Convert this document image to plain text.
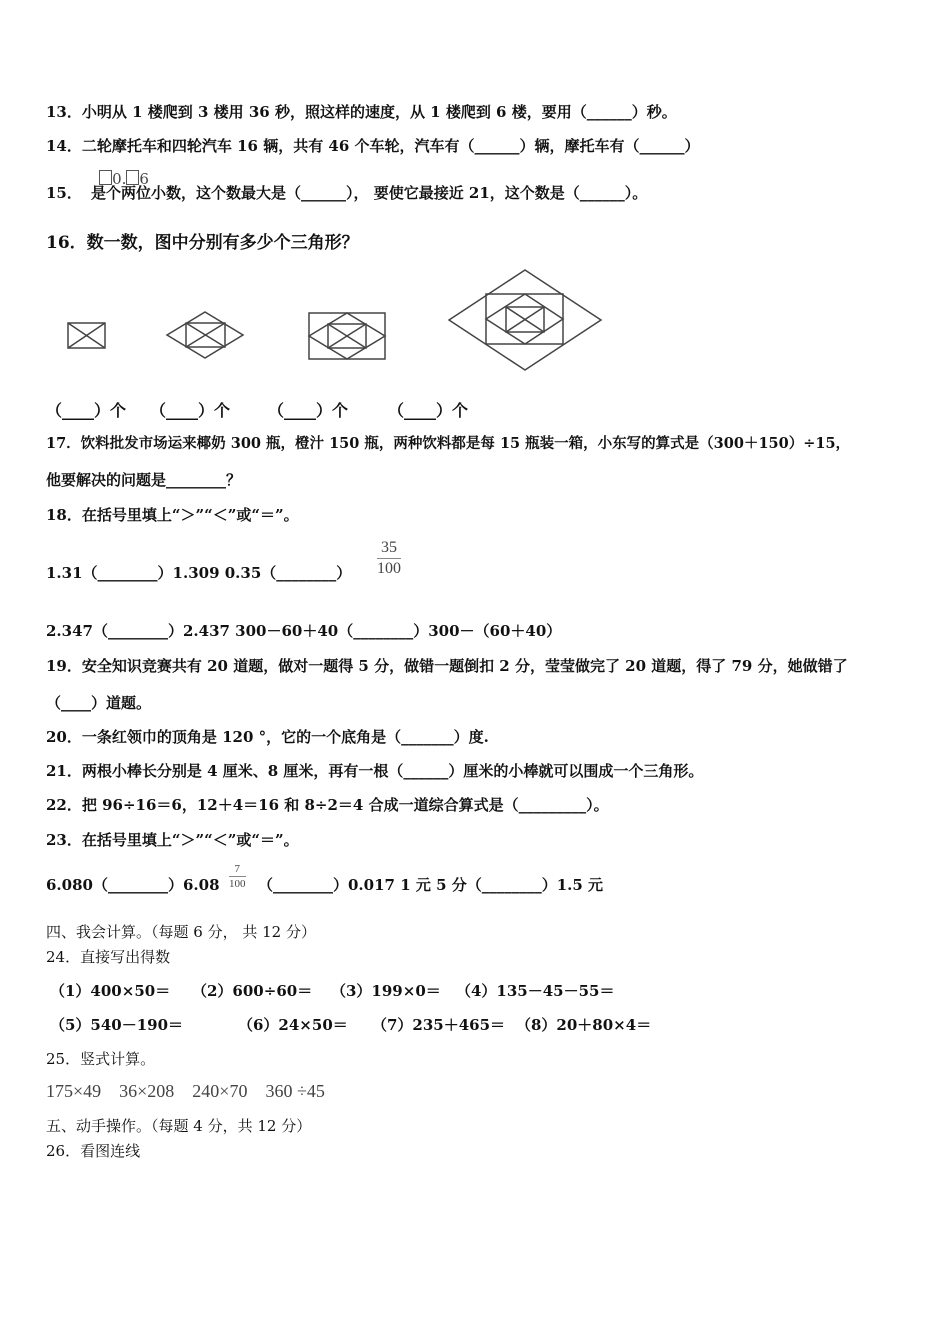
13．小明从 1 楼爬到 3 楼用 36 秒，照这样的速度，从 1 楼爬到 6 楼，要用（______）秒。
14．二轮摩托车和四轮汽车 16 辆，共有 46 个车轮，汽车有（______）辆，摩托车有（______）
15． 0. 6是个两位小数，这个数最大是（______）， 要使它最接近 21，这个数是（______）。
16．数一数，图中分别有多少个三角形？
（____）个 （____）个 （____）个 （____）个
17．饮料批发市场运来椰奶 300 瓶，橙汁 150 瓶，两种饮料都是每 15 瓶装一箱，小东写的算式是（300＋150）÷15，
他要解决的问题是________？
18．在括号里填上“＞”“＜”或“＝”。
1.31（________）1.309 0.35（________） $\frac{35}{100}$
2.347（________）2.437 300－60＋40（________）300－（60＋40）
19．安全知识竞赛共有 20 道题，做对一题得 5 分，做错一题倒扣 2 分，莹莹做完了 20 道题，得了 79 分，她做错了
（____）道题。
20．一条红领巾的顶角是 120 °，它的一个底角是（_______）度.
21．两根小棒长分别是 4 厘米、8 厘米，再有一根（______）厘米的小棒就可以围成一个三角形。
22．把 96÷16＝6，12＋4＝16 和 8÷2＝4 合成一道综合算式是（_________）。
23．在括号里填上“＞”“＜”或“＝”。
6.080（________）6.08 $\frac{7}{100}$ （________）0.017 1 元 5 分（________）1.5 元
四、我会计算。（每题 6 分， 共 12 分）
24．直接写出得数
（1）400×50＝ （2）600÷60＝ （3）199×0＝ （4）135－45－55＝
（5）540－190＝	（6）24×50＝ （7）235＋465＝ （8）20＋80×4＝
25．竖式计算。
175×49    36×208    240×70    360 ÷45
五、动手操作。（每题 4 分，共 12 分）
26．看图连线
